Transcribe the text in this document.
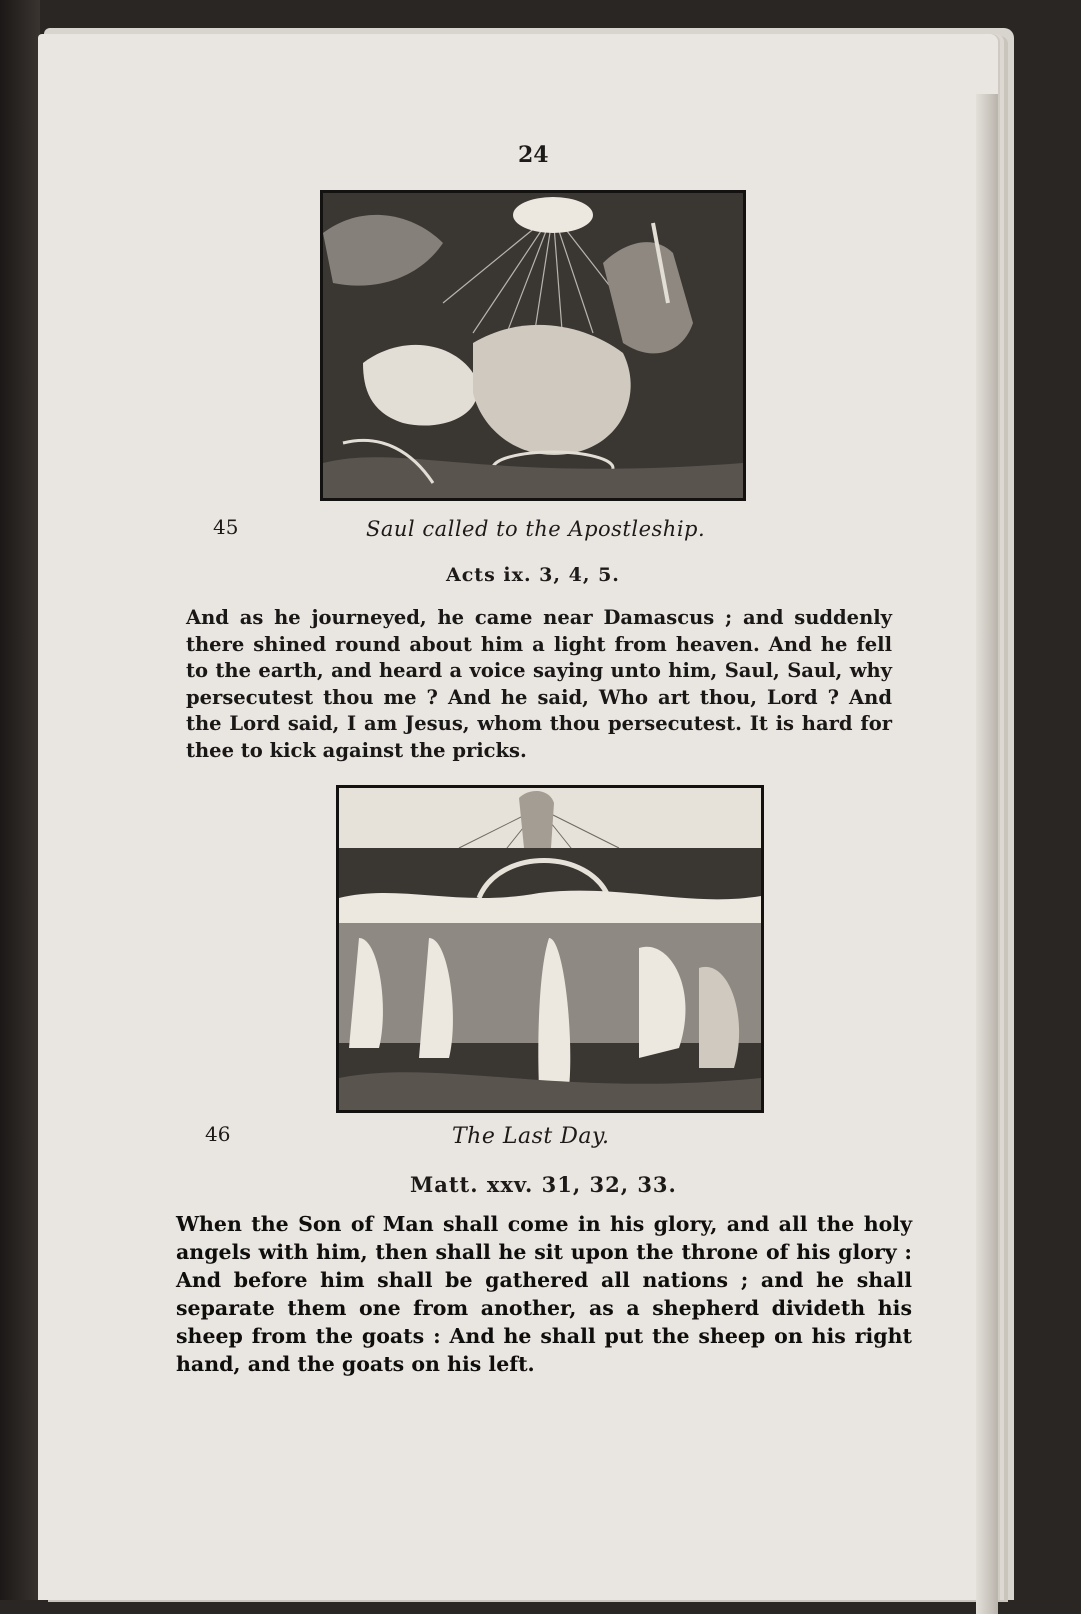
24
45	Saul called to the Apostleship.
Acts ix. 3, 4, 5.
And as he journeyed, he came near Damascus ; and suddenly there shined round about him a light from heaven. And he fell to the earth, and heard a voice saying unto him, Saul, Saul, why persecutest thou me ? And he said, Who art thou, Lord ? And the Lord said, I am Jesus, whom thou persecutest. It is hard for thee to kick against the pricks.
46	The Last Day.
Matt. xxv. 31, 32, 33.
When the Son of Man shall come in his glory, and all the holy angels with him, then shall he sit upon the throne of his glory : And before him shall be gathered all nations ; and he shall separate them one from another, as a shepherd divideth his sheep from the goats : And he shall put the sheep on his right hand, and the goats on his left.
